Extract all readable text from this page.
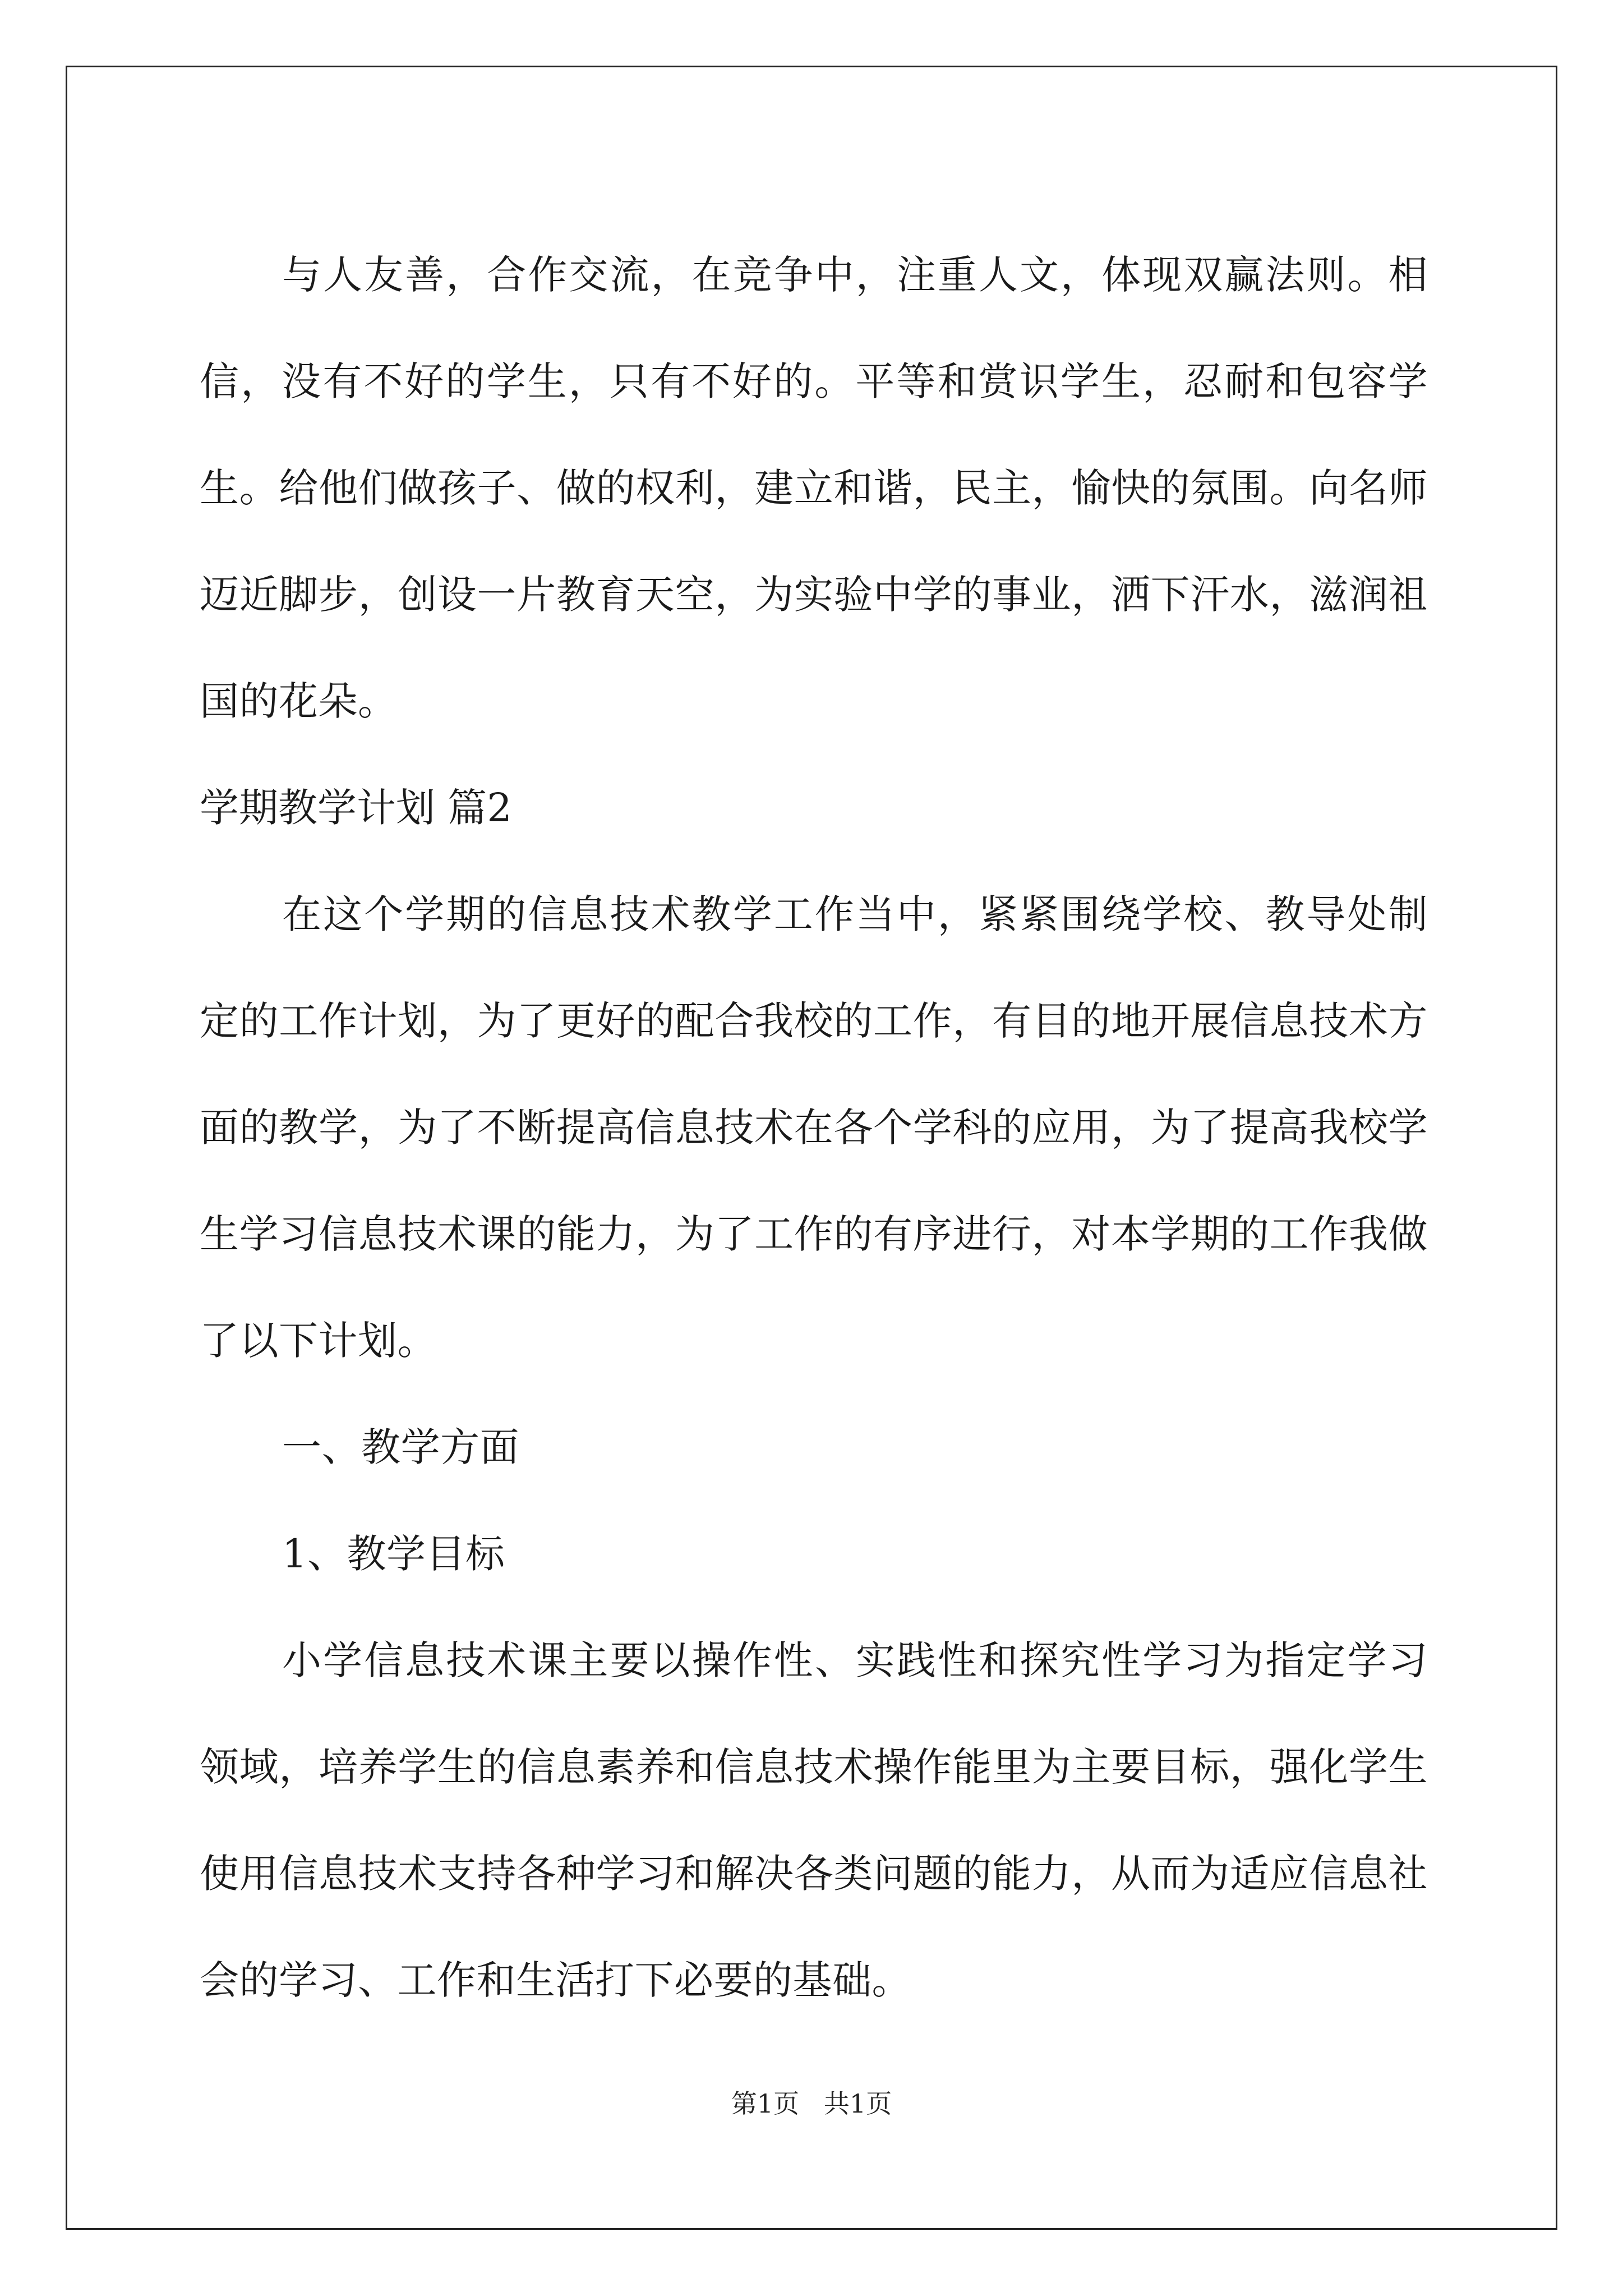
与人友善，合作交流，在竞争中，注重人文，体现双赢法则。相信，没有不好的学生，只有不好的。平等和赏识学生，忍耐和包容学生。给他们做孩子、做的权利，建立和谐，民主，愉快的氛围。向名师迈近脚步，创设一片教育天空，为实验中学的事业，洒下汗水，滋润祖国的花朵。

学期教学计划 篇2

在这个学期的信息技术教学工作当中，紧紧围绕学校、教导处制定的工作计划，为了更好的配合我校的工作，有目的地开展信息技术方面的教学，为了不断提高信息技术在各个学科的应用，为了提高我校学生学习信息技术课的能力，为了工作的有序进行，对本学期的工作我做了以下计划。

一、教学方面

1、教学目标

小学信息技术课主要以操作性、实践性和探究性学习为指定学习领域，培养学生的信息素养和信息技术操作能里为主要目标，强化学生使用信息技术支持各种学习和解决各类问题的能力，从而为适应信息社会的学习、工作和生活打下必要的基础。

第1页   共1页
